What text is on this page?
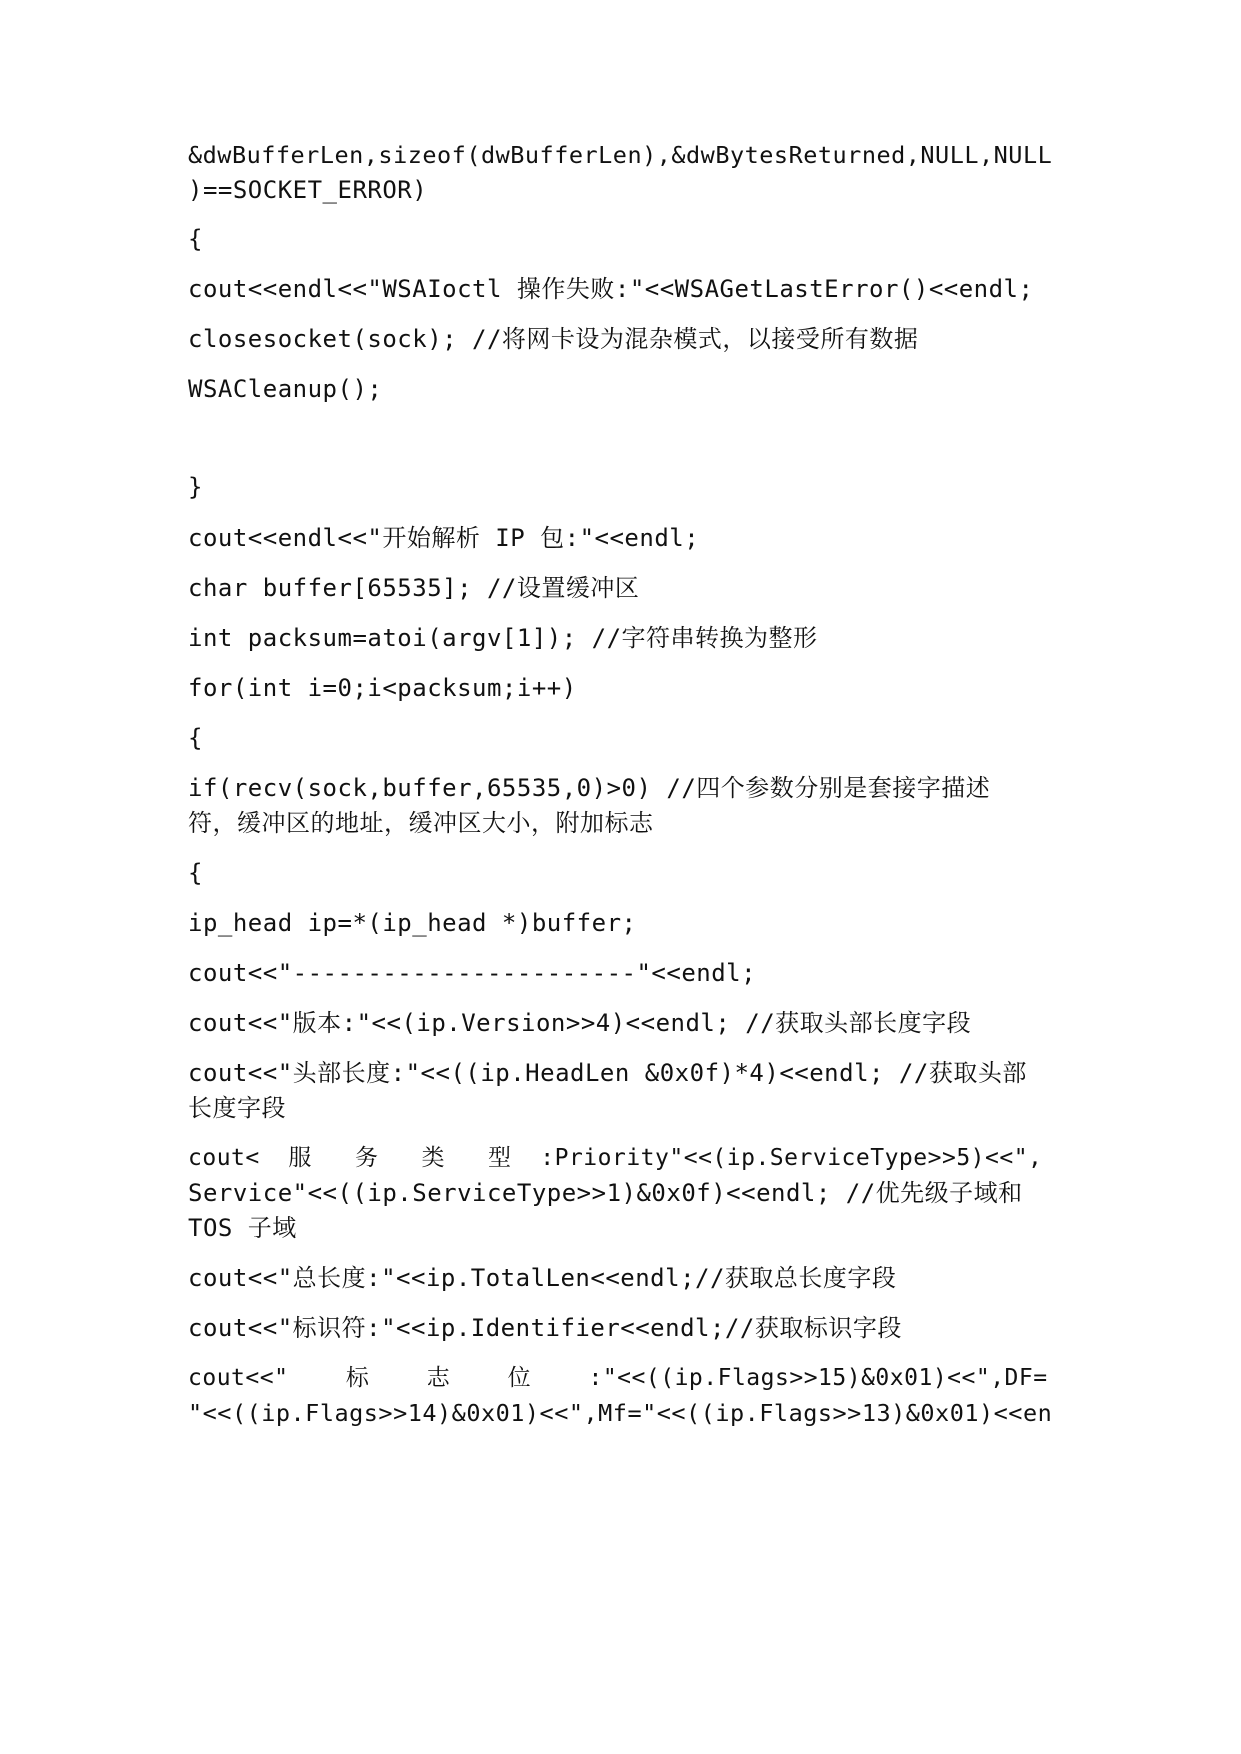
&dwBufferLen,sizeof(dwBufferLen),&dwBytesReturned,NULL,NULL
)==SOCKET_ERROR)
{
cout<<endl<<"WSAIoctl 操作失败:"<<WSAGetLastError()<<endl;
closesocket(sock); //将网卡设为混杂模式，以接受所有数据
WSACleanup();
}
cout<<endl<<"开始解析 IP 包:"<<endl;
char buffer[65535]; //设置缓冲区
int packsum=atoi(argv[1]); //字符串转换为整形
for(int i=0;i<packsum;i++)
{
if(recv(sock,buffer,65535,0)>0) //四个参数分别是套接字描述
符，缓冲区的地址，缓冲区大小，附加标志
{
ip_head ip=*(ip_head *)buffer;
cout<<"-----------------------"<<endl;
cout<<"版本:"<<(ip.Version>>4)<<endl; //获取头部长度字段
cout<<"头部长度:"<<((ip.HeadLen &0x0f)*4)<<endl; //获取头部
长度字段
cout<  服   务   类   型  :Priority"<<(ip.ServiceType>>5)<<",
Service"<<((ip.ServiceType>>1)&0x0f)<<endl; //优先级子域和
TOS 子域
cout<<"总长度:"<<ip.TotalLen<<endl;//获取总长度字段
cout<<"标识符:"<<ip.Identifier<<endl;//获取标识字段
cout<<"    标    志    位    :"<<((ip.Flags>>15)&0x01)<<",DF=
"<<((ip.Flags>>14)&0x01)<<",Mf="<<((ip.Flags>>13)&0x01)<<en
